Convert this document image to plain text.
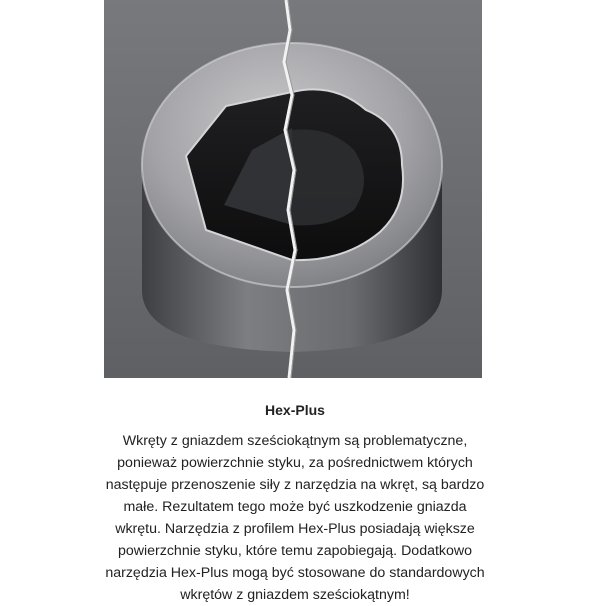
Hex-Plus

Wkręty z gniazdem sześciokątnym są problematyczne, ponieważ powierzchnie styku, za pośrednictwem których następuje przenoszenie siły z narzędzia na wkręt, są bardzo małe. Rezultatem tego może być uszkodzenie gniazda wkrętu. Narzędzia z profilem Hex-Plus posiadają większe powierzchnie styku, które temu zapobiegają. Dodatkowo narzędzia Hex-Plus mogą być stosowane do standardowych wkrętów z gniazdem sześciokątnym!
